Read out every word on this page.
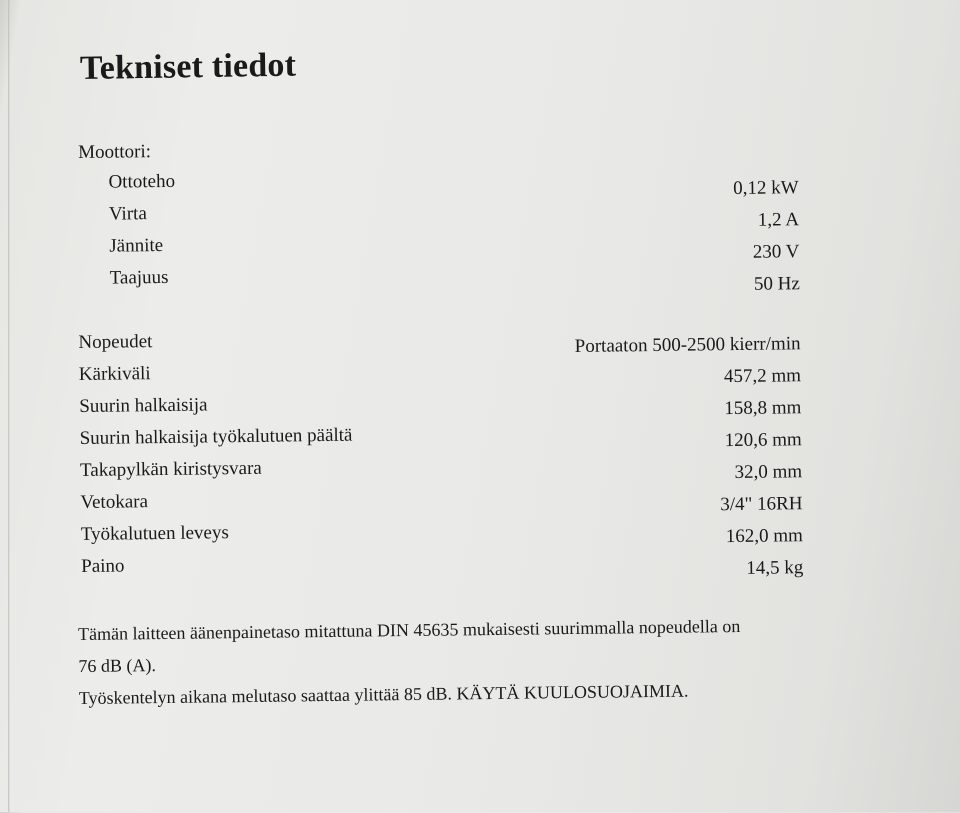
Tekniset tiedot
Moottori:
Ottoteho	0,12 kW
Virta	1,2 A
Jännite	230 V
Taajuus	50 Hz
Nopeudet	Portaaton 500-2500 kierr/min
Kärkiväli	457,2 mm
Suurin halkaisija	158,8 mm
Suurin halkaisija työkalutuen päältä	120,6 mm
Takapylkän kiristysvara	32,0 mm
Vetokara	3/4" 16RH
Työkalutuen leveys	162,0 mm
Paino	14,5 kg
Tämän laitteen äänenpainetaso mitattuna DIN 45635 mukaisesti suurimmalla nopeudella on
76 dB (A).
Työskentelyn aikana melutaso saattaa ylittää 85 dB. KÄYTÄ KUULOSUOJAIMIA.
